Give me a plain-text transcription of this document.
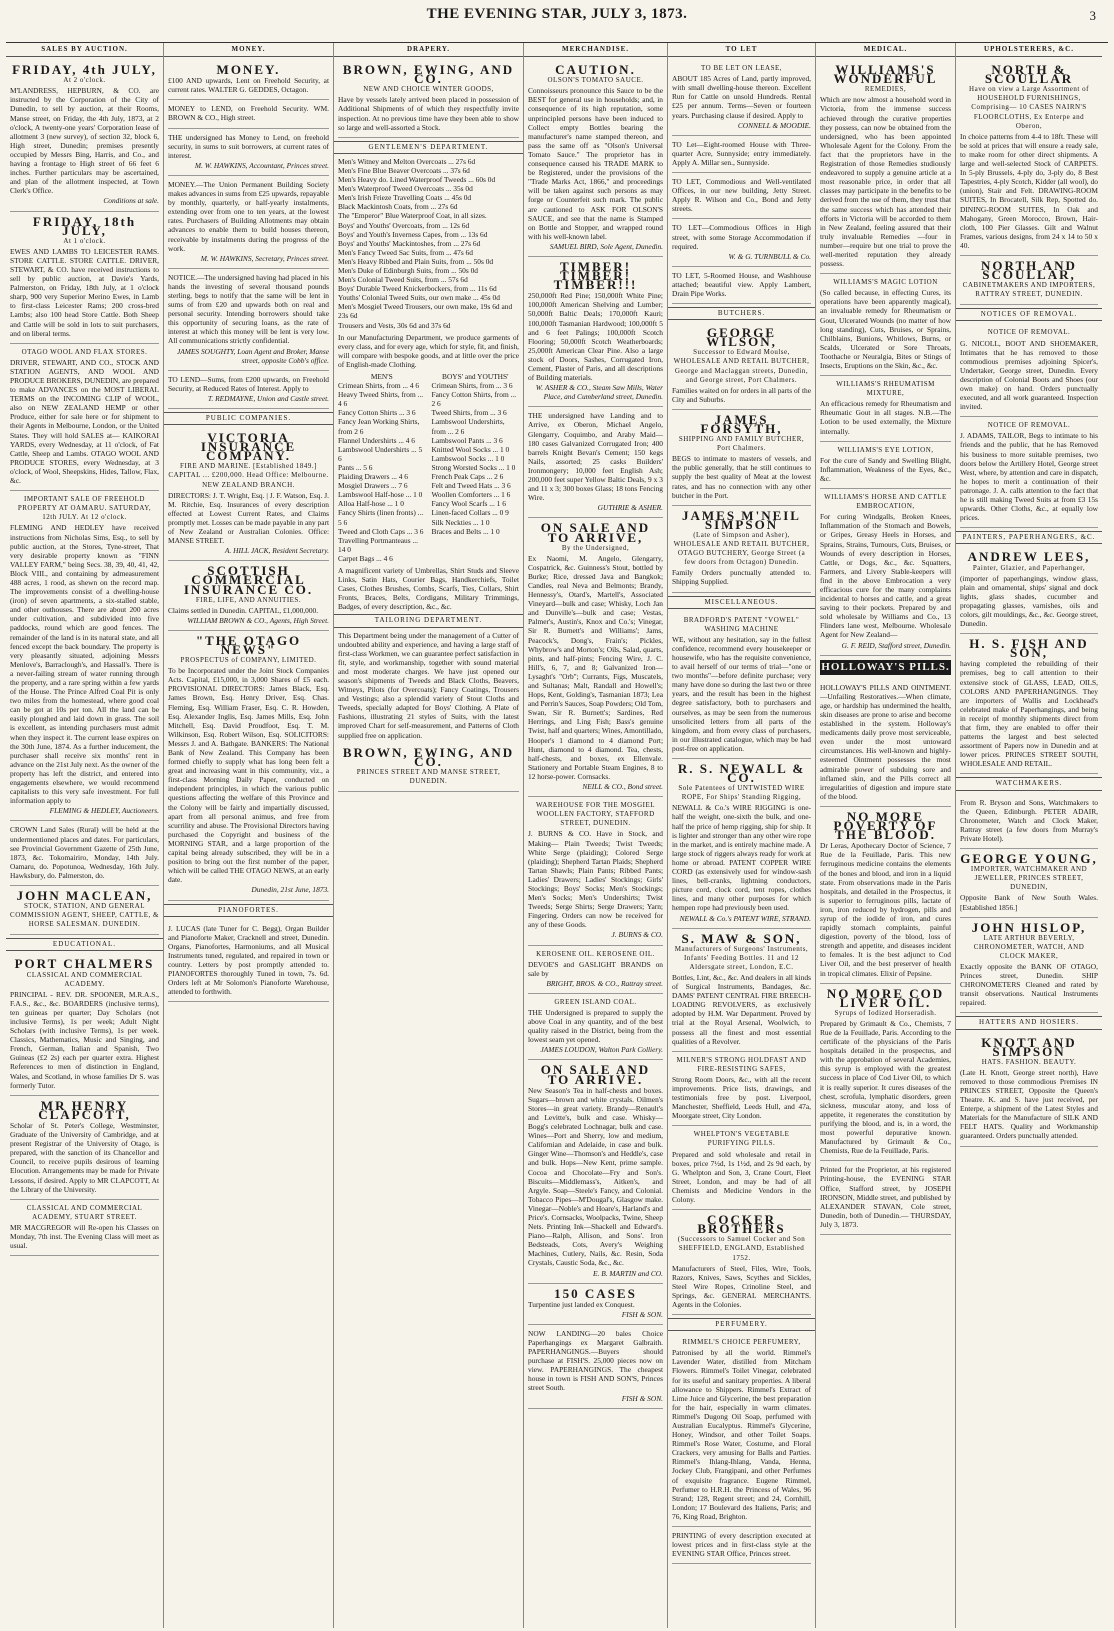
THE EVENING STAR, JULY 3, 1873.	3
SALES BY AUCTION.
FRIDAY, 4th JULY,
At 2 o'clock.

M'LANDRESS, HEPBURN, & CO. are instructed by the Corporation of the City of Dunedin, to sell by auction, at their Rooms, Manse street, on Friday, the 4th July, 1873, at 2 o'clock, A twenty-one years' Corporation lease of allotment 3 (new survey), of section 32, block 6, High street, Dunedin; premises presently occupied by Messrs Bing, Harris, and Co., and having a frontage to High street of 66 feet 6 inches. Further particulars may be ascertained, and plan of the allotment inspected, at Town Clerk's Office.

Conditions at sale.

FRIDAY, 18th JULY,
At 1 o'clock.

EWES AND LAMBS TO LEICESTER RAMS. STORE CATTLE. STORE CATTLE. DRIVER, STEWART, & CO. have received instructions to sell by public auction, at Davie's Yards, Palmerston, on Friday, 18th July, at 1 o'clock sharp, 900 very Superior Merino Ewes, in Lamb to first-class Leicester Rams; 200 cross-bred Lambs; also 100 head Store Cattle. Both Sheep and Cattle will be sold in lots to suit purchasers, and on liberal terms.

OTAGO WOOL AND FLAX STORES.

DRIVER, STEWART, AND CO., STOCK AND STATION AGENTS, AND WOOL AND PRODUCE BROKERS, DUNEDIN, are prepared to make ADVANCES on the MOST LIBERAL TERMS on the INCOMING CLIP of WOOL, also on NEW ZEALAND HEMP or other Produce, either for sale here or for shipment to their Agents in Melbourne, London, or the United States. They will hold SALES at— KAIKORAI YARDS, every Wednesday, at 11 o'clock, of Fat Cattle, Sheep and Lambs. OTAGO WOOL AND PRODUCE STORES, every Wednesday, at 3 o'clock, of Wool, Sheepskins, Hides, Tallow, Flax, &c.

IMPORTANT SALE OF FREEHOLD PROPERTY AT OAMARU. SATURDAY, 12th JULY. At 12 o'clock.

FLEMING AND HEDLEY have received instructions from Nicholas Sims, Esq., to sell by public auction, at the Stores, Tyne-street, That very desirable property known as "FINN VALLEY FARM," being Secs. 38, 39, 40, 41, 42, Block VIII., and containing by admeasurement 488 acres, 1 rood, as shewn on the record map. The improvements consist of a dwelling-house (iron) of seven apartments, a six-stalled stable, and other outhouses. There are about 200 acres under cultivation, and subdivided into five paddocks, round which are good fences. The remainder of the land is in its natural state, and all fenced except the back boundary. The property is very pleasantly situated, adjoining Messrs Menlove's, Barraclough's, and Hassall's. There is a never-failing stream of water running through the property, and a rare spring within a few yards of the House. The Prince Alfred Coal Pit is only two miles from the homestead, where good coal can be got at 10s per ton. All the land can be easily ploughed and laid down in grass. The soil is excellent, as intending purchasers must admit when they inspect it. The current lease expires on the 30th June, 1874. As a further inducement, the purchaser shall receive six months' rent in advance on the 21st July next. As the owner of the property has left the district, and entered into engagements elsewhere, we would recommend capitalists to this very safe investment. For full information apply to

FLEMING & HEDLEY, Auctioneers.

CROWN Land Sales (Rural) will be held at the undermentioned places and dates. For particulars, see Provincial Government Gazette of 25th June, 1873, &c. Tokomairiro, Monday, 14th July. Oamaru, do. Popotunoa, Wednesday, 16th July. Hawksbury, do. Palmerston, do.

JOHN MACLEAN,
STOCK, STATION, AND GENERAL COMMISSION AGENT, SHEEP, CATTLE, & HORSE SALESMAN. DUNEDIN.
EDUCATIONAL.
PORT CHALMERS
CLASSICAL AND COMMERCIAL ACADEMY.

PRINCIPAL - REV. DR. SPOONER, M.R.A.S., F.A.S., &c., &c. BOARDERS (inclusive terms), ten guineas per quarter; Day Scholars (not inclusive Terms), 1s per week; Adult Night Scholars (with inclusive Terms), 1s per week. Classics, Mathematics, Music and Singing, and French, German, Italian and Spanish, Two Guineas (£2 2s) each per quarter extra. Highest References to men of distinction in England, Wales, and Scotland, in whose families Dr S. was formerly Tutor.

MR HENRY CLAPCOTT,

Scholar of St. Peter's College, Westminster, Graduate of the University of Cambridge, and at present Registrar of the University of Otago, is prepared, with the sanction of its Chancellor and Council, to receive pupils desirous of learning Elocution. Arrangements may be made for Private Lessons, if desired. Apply to MR CLAPCOTT, At the Library of the University.

CLASSICAL AND COMMERCIAL ACADEMY, STUART STREET.

MR MACGREGOR will Re-open his Classes on Monday, 7th inst. The Evening Class will meet as usual.

MONEY.
MONEY.

£100 AND upwards, Lent on Freehold Security, at current rates. WALTER G. GEDDES, Octagon.

MONEY to LEND, on Freehold Security. WM. BROWN & CO., High street.

THE undersigned has Money to Lend, on freehold security, in sums to suit borrowers, at current rates of interest.

M. W. HAWKINS, Accountant, Princes street.

MONEY.—The Union Permanent Building Society makes advances in sums from £25 upwards, repayable by monthly, quarterly, or half-yearly instalments, extending over from one to ten years, at the lowest rates. Purchasers of Building Allotments may obtain advances to enable them to build houses thereon, receivable by instalments during the progress of the work.

M. W. HAWKINS, Secretary, Princes street.

NOTICE.—The undersigned having had placed in his hands the investing of several thousand pounds sterling, begs to notify that the same will be lent in sums of from £20 and upwards both on real and personal security. Intending borrowers should take this opportunity of securing loans, as the rate of interest at which this money will be lent is very low. All communications strictly confidential.

JAMES SOUGHTY, Loan Agent and Broker, Manse street, opposite Cobb's office.

TO LEND—Sums, from £200 upwards, on Freehold Security, at Reduced Rates of Interest. Apply to

T. REDMAYNE, Union and Castle street.

PUBLIC COMPANIES.
VICTORIA INSURANCE COMPANY.
FIRE AND MARINE. [Established 1849.] CAPITAL ... £200,000. Head Office: Melbourne. NEW ZEALAND BRANCH.

DIRECTORS: J. T. Wright, Esq. | J. F. Watson, Esq. J. M. Ritchie, Esq. Insurances of every description effected at Lowest Current Rates, and Claims promptly met. Losses can be made payable in any part of New Zealand or Australian Colonies. Office: MANSE STREET.

A. HILL JACK, Resident Secretary.

SCOTTISH COMMERCIAL INSURANCE CO.
FIRE, LIFE, AND ANNUITIES.

Claims settled in Dunedin. CAPITAL, £1,000,000.

WILLIAM BROWN & CO., Agents, High Street.

"THE OTAGO NEWS"
PROSPECTUS of COMPANY, LIMITED.

To be Incorporated under the Joint Stock Companies Acts. Capital, £15,000, in 3,000 Shares of £5 each. PROVISIONAL DIRECTORS: James Black, Esq. James Brown, Esq. Henry Driver, Esq. Chas. Fleming, Esq. William Fraser, Esq. C. R. Howden, Esq. Alexander Inglis, Esq. James Mills, Esq. John Mitchell, Esq. David Proudfoot, Esq. T. M. Wilkinson, Esq. Robert Wilson, Esq. SOLICITORS: Messrs J. and A. Bathgate. BANKERS: The National Bank of New Zealand. This Company has been formed chiefly to supply what has long been felt a great and increasing want in this community, viz., a first-class Morning Daily Paper, conducted on independent principles, in which the various public questions affecting the welfare of this Province and the Colony will be fairly and impartially discussed, apart from all personal animus, and free from scurrility and abuse. The Provisional Directors having purchased the Copyright and business of the MORNING STAR, and a large proportion of the capital being already subscribed, they will be in a position to bring out the first number of the paper, which will be called THE OTAGO NEWS, at an early date.

Dunedin, 21st June, 1873.

PIANOFORTES.

J. LUCAS (late Tuner for C. Begg), Organ Builder and Pianoforte Maker, Cracknell and street, Dunedin. Organs, Pianofortes, Harmoniums, and all Musical Instruments tuned, regulated, and repaired in town or country. Letters by post promptly attended to. PIANOFORTES thoroughly Tuned in town, 7s. 6d. Orders left at Mr Solomon's Pianoforte Warehouse, attended to forthwith.

DRAPERY.
BROWN, EWING, AND CO.
NEW AND CHOICE WINTER GOODS,

Have by vessels lately arrived been placed in possession of Additional Shipments of of which they respectfully invite inspection. At no previous time have they been able to show so large and well-assorted a Stock.

GENTLEMEN'S DEPARTMENT.
Men's Witney and Melton Overcoats ... 27s 6d
Men's Fine Blue Beaver Overcoats ... 37s 6d
Men's Heavy do. Lined Waterproof Tweeds ... 60s 0d
Men's Waterproof Tweed Overcoats ... 35s 0d
Men's Irish Frieze Travelling Coats ... 45s 0d
Black Mackintosh Coats, from ... 27s 6d
The "Emperor" Blue Waterproof Coat, in all sizes.
Boys' and Youths' Overcoats, from ... 12s 6d
Boys' and Youth's Inverness Capes, from ... 13s 6d
Boys' and Youths' Mackintoshes, from ... 27s 6d
Men's Fancy Tweed Sac Suits, from ... 47s 6d
Men's Heavy Ribbed and Plain Suits, from ... 50s 0d
Men's Duke of Edinburgh Suits, from ... 50s 0d
Men's Colonial Tweed Suits, from ... 57s 6d
Boys' Durable Tweed Knickerbockers, from ... 11s 6d
Youths' Colonial Tweed Suits, our own make ... 45s 0d
Men's Mosgiel Tweed Trousers, our own make, 19s 6d and 23s 6d
Trousers and Vests, 30s 6d and 37s 6d

In our Manufacturing Department, we produce garments of every class, and for every age, which for style, fit, and finish, will compare with bespoke goods, and at little over the price of English-made Clothing.

MEN'S
Crimean Shirts, from ... 4 6
Heavy Tweed Shirts, from ... 4 6
Fancy Cotton Shirts ... 3 6
Fancy Jean Working Shirts, from 2 6
Flannel Undershirts ... 4 6
Lambswool Undershirts ... 5 6
Pants ... 5 6
Plaiding Drawers ... 4 6
Mosgiel Drawers ... 7 6
Lambswool Half-hose ... 1 0
Alloa Half-hose ... 1 0
Fancy Shirts (linen fronts) ... 5 6
Tweed and Cloth Caps ... 3 6
Travelling Portmanteaus ... 14 0
Carpet Bags ... 4 6
BOYS' and YOUTHS'
Crimean Shirts, from ... 3 6
Fancy Cotton Shirts, from ... 2 6
Tweed Shirts, from ... 3 6
Lambswool Undershirts, from ... 2 6
Lambswool Pants ... 3 6
Knitted Wool Socks ... 1 0
Lambswool Socks ... 1 0
Strong Worsted Socks ... 1 0
French Peak Caps ... 2 6
Felt and Tweed Hats ... 3 6
Woollen Comforters ... 1 6
Fancy Wool Scarfs ... 1 6
Linen-faced Collars ... 0 9
Silk Neckties ... 1 0
Braces and Belts ... 1 0

A magnificent variety of Umbrellas, Shirt Studs and Sleeve Links, Satin Hats, Courier Bags, Handkerchiefs, Toilet Cases, Clothes Brushes, Combs, Scarfs, Ties, Collars, Shirt Fronts, Braces, Belts, Cordigans, Military Trimmings, Badges, of every description, &c., &c.

TAILORING DEPARTMENT.

This Department being under the management of a Cutter of undoubted ability and experience, and having a large staff of first-class Workmen, we can guarantee perfect satisfaction in fit, style, and workmanship, together with sound material and most moderate charges. We have just opened our season's shipments of Tweeds and Black Cloths, Beavers, Witneys, Pilots (for Overcoats); Fancy Coatings, Trousers and Vestings; also a splendid variety of Stout Cloths and Tweeds, specially adapted for Boys' Clothing. A Plate of Fashions, illustrating 21 styles of Suits, with the latest improved Chart for self-measurement, and Patterns of Cloth supplied free on application.

BROWN, EWING, AND CO.
PRINCES STREET AND MANSE STREET, DUNEDIN.
MERCHANDISE.
CAUTION.
OLSON'S TOMATO SAUCE.

Connoisseurs pronounce this Sauce to be the BEST for general use in households; and, in consequence of its high reputation, some unprincipled persons have been induced to Collect empty Bottles bearing the manufacturer's name stamped thereon, and pass the same off as "Olson's Universal Tomato Sauce." The proprietor has in consequence caused his TRADE MARK to be Registered, under the provisions of the "Trade Marks Act, 1866," and proceedings will be taken against such persons as may forge or Counterfeit such mark. The public are cautioned to ASK FOR OLSON'S SAUCE, and see that the name is Stamped on Bottle and Stopper, and wrapped round with his well-known label.

SAMUEL BIRD, Sole Agent, Dunedin.

TIMBER! TIMBER! TIMBER!!!

250,000ft Red Pine; 150,000ft White Pine; 100,000ft American Shelving and Lumber; 50,000ft Baltic Deals; 170,000ft Kauri; 100,000ft Tasmanian Hardwood; 100,000ft 5 and 6 feet Palings; 100,000ft Scotch Flooring; 50,000ft Scotch Weatherboards; 25,000ft American Clear Pine. Also a large stock of Doors, Sashes, Corrugated Iron, Cement, Plaster of Paris, and all descriptions of Building materials.

W. ASHER & CO., Steam Saw Mills, Water Place, and Cumberland street, Dunedin.

THE undersigned have Landing and to Arrive, ex Oberon, Michael Angelo, Glengarry, Coquimbo, and Araby Maid— 180 cases Galvanized Corrugated Iron; 400 barrels Knight Bevan's Cement; 150 kegs Nails, assorted; 25 casks Builders' Ironmongery; 10,000 feet English Ash; 200,000 feet super Yellow Baltic Deals, 9 x 3 and 11 x 3; 300 boxes Glass; 18 tons Fencing Wire.

GUTHRIE & ASHER.

ON SALE AND TO ARRIVE,
By the Undersigned,

Ex Naomi, M. Angelo, Glengarry, Cospatrick, &c. Guinness's Stout, bottled by Burke; Rice, dressed Java and Bangkok; Candles, real Neva and Belmonts; Brandy, Hennessy's, Otard's, Martell's, Associated Vineyard—bulk and case; Whisky, Loch Jan and Dunville's—bulk and case; Vestas, Palmer's, Austin's, Knox and Co.'s; Vinegar, Sir R. Burnett's and Williams'; Jams, Peacock's, Dong's, Frain's; Pickles, Whybrow's and Morton's; Oils, Salad, quarts, pints, and half-pints; Fencing Wire, J. C. Hill's, 6, 7, and 8; Galvanized Iron—Lysaght's "Orb"; Currants, Figs, Muscatels, and Sultanas; Malt, Randall and Howell's; Hops, Kent, Golding's, Tasmanian 1873; Lea and Perrin's Sauces, Soap Powders; Old Tom, Swan, Sir R. Burnett's; Sardines, Red Herrings, and Ling Fish; Bass's genuine Twist, half and quarters; Wines, Amontillado, Hooper's 1 diamond to 4 diamond Port; Hunt, diamond to 4 diamond. Tea, chests, half-chests, and boxes, ex Ellenvale. Stationery and Portable Steam Engines, 8 to 12 horse-power. Cornsacks.

NEILL & CO., Bond street.

WAREHOUSE FOR THE MOSGIEL WOOLLEN FACTORY, STAFFORD STREET, DUNEDIN.

J. BURNS & CO. Have in Stock, and Making— Plain Tweeds; Twist Tweeds; White Serge (plaiding); Colored Serge (plaiding); Shepherd Tartan Plaids; Shepherd Tartan Shawls; Plain Pants; Ribbed Pants; Ladies' Drawers; Ladies' Stockings; Girls' Stockings; Boys' Socks; Men's Stockings; Men's Socks; Men's Undershirts; Twist Tweeds; Serge Shirts; Serge Drawers; Yarn; Fingering. Orders can now be received for any of these Goods.

J. BURNS & CO.

KEROSENE OIL. KEROSENE OIL.

DEVOE'S and GASLIGHT BRANDS on sale by

BRIGHT, BROS. & CO., Rattray street.

GREEN ISLAND COAL.

THE Undersigned is prepared to supply the above Coal in any quantity, and of the best quality raised in the District, being from the lowest seam yet opened.

JAMES LOUDON, Walton Park Colliery.

ON SALE AND TO ARRIVE.

New Season's Tea in half-chests and boxes. Sugars—brown and white crystals. Oilmen's Stores—in great variety. Brandy—Renault's and Levitte's, bulk and case. Whisky—Bogg's celebrated Lochnagar, bulk and case. Wines—Port and Sherry, low and medium, Californian and Adelaide, in case and bulk. Ginger Wine—Thomson's and Heddle's, case and bulk. Hops—New Kent, prime sample. Cocoa and Chocolate—Fry and Son's. Biscuits—Middlemass's, Aitken's, and Argyle. Soap—Steele's Fancy, and Colonial. Tobacco Pipes—M'Dougal's, Glasgow make. Vinegar—Noble's and Hoare's, Harland's and Price's. Cornsacks, Woolpacks, Twine, Sheep Nets. Printing Ink—Shackell and Edward's. Piano—Ralph, Allison, and Sons'. Iron Bedsteads, Cots, Avery's Weighing Machines, Cutlery, Nails, &c. Resin, Soda Crystals, Caustic Soda, &c., &c.

E. B. MARTIN and CO.

150 CASES

Turpentine just landed ex Conquest.

FISH & SON.

NOW LANDING—20 bales Choice Paperhangings ex Margaret Galbraith. PAPERHANGINGS.—Buyers should purchase at FISH'S. 25,000 pieces now on view. PAPERHANGINGS. The cheapest house in town is FISH AND SON'S, Princes street South.

FISH & SON.

TO LET
TO BE LET ON LEASE,

ABOUT 185 Acres of Land, partly improved, with small dwelling-house thereon. Excellent Run for Cattle on unsold Hundreds. Rental £25 per annum. Terms—Seven or fourteen years. Purchasing clause if desired. Apply to

CONNELL & MOODIE.

TO Let—Eight-roomed House with Three-quarter Acre, Sunnyside; entry immediately. Apply A. Millar sen., Sunnyside.

TO LET, Commodious and Well-ventilated Offices, in our new building, Jetty Street. Apply R. Wilson and Co., Bond and Jetty streets.

TO LET—Commodious Offices in High street, with some Storage Accommodation if required.

W. & G. TURNBULL & Co.

TO LET, 5-Roomed House, and Washhouse attached; beautiful view. Apply Lambert, Drain Pipe Works.

BUTCHERS.
GEORGE WILSON,
Successor to Edward Moulse, WHOLESALE AND RETAIL BUTCHER, George and Maclaggan streets, Dunedin, and George street, Port Chalmers.

Families waited on for orders in all parts of the City and Suburbs.

JAMES FORSYTH,
SHIPPING AND FAMILY BUTCHER, Port Chalmers.

BEGS to intimate to masters of vessels, and the public generally, that he still continues to supply the best quality of Meat at the lowest rates, and has no connection with any other butcher in the Port.

JAMES M'NEIL SIMPSON
(Late of Simpson and Asher), WHOLESALE AND RETAIL BUTCHER, OTAGO BUTCHERY, George Street (a few doors from Octagon) Dunedin.

Family Orders punctually attended to. Shipping Supplied.

MISCELLANEOUS.
BRADFORD'S PATENT "VOWEL" WASHING MACHINE

WE, without any hesitation, say in the fullest confidence, recommend every housekeeper or housewife, who has the requisite convenience, to avail herself of our terms of trial—"one or two months"—before definite purchase; very many have done so during the last two or three years, and the result has been in the highest degree satisfactory, both to purchasers and ourselves, as may be seen from the numerous unsolicited letters from all parts of the kingdom, and from every class of purchasers, in our illustrated catalogue, which may be had post-free on application.

R. S. NEWALL & CO.
Sole Patentees of UNTWISTED WIRE ROPE, For Ships' Standing Rigging,

NEWALL & Co.'s WIRE RIGGING is one-half the weight, one-sixth the bulk, and one-half the price of hemp rigging, ship for ship. It is lighter and stronger than any other wire rope in the market, and is entirely machine made. A large stock of riggers always ready for work at home or abroad. PATENT COPPER WIRE CORD (as extensively used for window-sash lines, bell-cranks, lightning conductors, picture cord, clock cord, tent ropes, clothes lines, and many other purposes for which hempen rope had previously been used.

NEWALL & Co.'s PATENT WIRE, STRAND.

S. MAW & SON,
Manufacturers of Surgeons' Instruments, Infants' Feeding Bottles. 11 and 12 Aldersgate street, London, E.C.

Bottles, Lint, &c., &c. And dealers in all kinds of Surgical Instruments, Bandages, &c. DAMS' PATENT CENTRAL FIRE BREECH-LOADING REVOLVERS, as exclusively adopted by H.M. War Department. Proved by trial at the Royal Arsenal, Woolwich, to possess all the finest and most essential qualities of a Revolver.

MILNER'S STRONG HOLDFAST AND FIRE-RESISTING SAFES,

Strong Room Doors, &c., with all the recent improvements. Price lists, drawings, and testimonials free by post. Liverpool, Manchester, Sheffield, Leeds Hull, and 47a, Moorgate street, City London.

WHELPTON'S VEGETABLE PURIFYING PILLS.

Prepared and sold wholesale and retail in boxes, price 7½d, 1s 1½d, and 2s 9d each, by G. Whelpton and Son, 3, Crane Court, Fleet Street, London, and may be had of all Chemists and Medicine Vendors in the Colony.

COCKER BROTHERS
(Successors to Samuel Cocker and Son SHEFFIELD, ENGLAND, Established 1752.

Manufacturers of Steel, Files, Wire, Tools, Razors, Knives, Saws, Scythes and Sickles, Steel Wire Ropes, Crinoline Steel, and Springs, &c. GENERAL MERCHANTS. Agents in the Colonies.

PERFUMERY.
RIMMEL'S CHOICE PERFUMERY,

Patronised by all the world. Rimmel's Lavender Water, distilled from Mitcham Flowers. Rimmel's Toilet Vinegar, celebrated for its useful and sanitary properties. A liberal allowance to Shippers. Rimmel's Extract of Lime Juice and Glycerine, the best preparation for the hair, especially in warm climates. Rimmel's Dugong Oil Soap, perfumed with Australian Eucalyptus. Rimmel's Glycerine, Honey, Windsor, and other Toilet Soaps. Rimmel's Rose Water, Costume, and Floral Crackers, very amusing for Balls and Parties. Rimmel's Ihlang-Ihlang, Vanda, Henna, Jockey Club, Frangipani, and other Perfumes of exquisite fragrance. Eugene Rimmel, Perfumer to H.R.H. the Princess of Wales, 96 Strand; 128, Regent street; and 24, Cornhill, London; 17 Boulevard des Italiens, Paris; and 76, King Road, Brighton.

PRINTING of every description executed at lowest prices and in first-class style at the EVENING STAR Office, Princes street.

MEDICAL.
WILLIAMS'S WONDERFUL
REMEDIES,

Which are now almost a household word in Victoria, from the immense success achieved through the curative properties they possess, can now be obtained from the undersigned, who has been appointed Wholesale Agent for the Colony. From the fact that the proprietors have in the Registration of those Remedies studiously endeavored to supply a genuine article at a most reasonable price, in order that all classes may participate in the benefits to be derived from the use of them, they trust that the same success which has attended their efforts in Victoria will be accorded to them in New Zealand, feeling assured that their truly invaluable Remedies —four in number—require but one trial to prove the well-merited reputation they already possess.

WILLIAMS'S MAGIC LOTION

(So called because, in effecting Cures, its operations have been apparently magical), an invaluable remedy for Rheumatism or Gout, Ulcerated Wounds (no matter of how long standing), Cuts, Bruises, or Sprains, Chilblains, Bunions, Whitlows, Burns, or Scalds, Ulcerated or Sore Throats, Toothache or Neuralgia, Bites or Stings of Insects, Eruptions on the Skin, &c., &c.

WILLIAMS'S RHEUMATISM MIXTURE,

An efficacious remedy for Rheumatism and Rheumatic Gout in all stages. N.B.—The Lotion to be used externally, the Mixture internally.

WILLIAMS'S EYE LOTION,

For the cure of Sandy and Swelling Blight, Inflammation, Weakness of the Eyes, &c., &c.

WILLIAMS'S HORSE AND CATTLE EMBROCATION,

For curing Windgalls, Broken Knees, Inflammation of the Stomach and Bowels, or Gripes, Greasy Heels in Horses, and Sprains, Strains, Tumours, Cuts, Bruises, or Wounds of every description in Horses, Cattle, or Dogs, &c., &c. Squatters, Farmers, and Livery Stable-keepers will find in the above Embrocation a very efficacious cure for the many complaints incidental to horses and cattle, and a great saving to their pockets. Prepared by and sold wholesale by Williams and Co., 13 Flinders lane west, Melbourne. Wholesale Agent for New Zealand—

G. F. REID, Stafford street, Dunedin.

HOLLOWAY'S PILLS.

HOLLOWAY'S PILLS AND OINTMENT.—Unfailing Restoratives.—When climate, age, or hardship has undermined the health, skin diseases are prone to arise and become established in the system. Holloway's medicaments daily prove most serviceable, even under the most untoward circumstances. His well-known and highly-esteemed Ointment possesses the most admirable power of subduing sore and inflamed skin, and the Pills correct all irregularities of digestion and impure state of the blood.

NO MORE POVERTY OF THE BLOOD.

Dr Leras, Apothecary Doctor of Science, 7 Rue de la Feuillade, Paris. This new ferruginous medicine contains the elements of the bones and blood, and iron in a liquid state. From observations made in the Paris hospitals, and detailed in the Prospectus, it is superior to ferruginous pills, lactate of iron, iron reduced by hydrogen, pills and syrup of the iodide of iron, and cures rapidly stomach complaints, painful digestion, poverty of the blood, loss of strength and appetite, and diseases incident to females. It is the best adjunct to Cod Liver Oil, and the best preserver of health in tropical climates. Elixir of Pepsine.

NO MORE COD LIVER OIL.
Syrups of Iodized Horseradish.

Prepared by Grimault & Co., Chemists, 7 Rue de la Feuillade, Paris. According to the certificate of the physicians of the Paris hospitals detailed in the prospectus, and with the approbation of several Academies, this syrup is employed with the greatest success in place of Cod Liver Oil, to which it is really superior. It cures diseases of the chest, scrofula, lymphatic disorders, green sickness, muscular atony, and loss of appetite, it regenerates the constitution by purifying the blood, and is, in a word, the most powerful depurative known. Manufactured by Grimault & Co., Chemists, Rue de la Feuillade, Paris.

Printed for the Proprietor, at his registered Printing-house, the EVENING STAR Office, Stafford street, by JOSEPH IRONSON, Middle street, and published by ALEXANDER STAVAN, Cole street, Dunedin, both of Dunedin.— THURSDAY, July 3, 1873.

UPHOLSTERERS, &C.
NORTH & SCOULLAR
Have on view a Large Assortment of HOUSEHOLD FURNISHINGS, Comprising— 10 CASES NAIRN'S FLOORCLOTHS, Ex Enterpe and Oberon,

In choice patterns from 4-4 to 18ft. These will be sold at prices that will ensure a ready sale, to make room for other direct shipments. A large and well-selected Stock of CARPETS. In 5-ply Brussels, 4-ply do, 3-ply do, 8 Best Tapestries, 4-ply Scotch, Kidder (all wool), do (union), Stair and Felt. DRAWING-ROOM SUITES, In Brocatell, Silk Rep, Spotted do. DINING-ROOM SUITES, In Oak and Mahogany, Green Morocco, Brown, Hair-cloth, 100 Pier Glasses. Gilt and Walnut Frames, various designs, from 24 x 14 to 50 x 40.

NORTH AND SCOULLAR,
CABINETMAKERS AND IMPORTERS, RATTRAY STREET, DUNEDIN.
NOTICES OF REMOVAL.
NOTICE OF REMOVAL.

G. NICOLL, BOOT AND SHOEMAKER, Intimates that he has removed to those commodious premises adjoining Spicer's, Undertaker, George street, Dunedin. Every description of Colonial Boots and Shoes (our own make) on hand. Orders punctually executed, and all work guaranteed. Inspection invited.

NOTICE OF REMOVAL.

J. ADAMS, TAILOR, Begs to intimate to his friends and the public, that he has Removed his business to more suitable premises, two doors below the Artillery Hotel, George street West, where, by attention and care in dispatch, he hopes to merit a continuation of their patronage. J. A. calls attention to the fact that he is still making Tweed Suits at from £3 15s upwards. Other Cloths, &c., at equally low prices.

PAINTERS, PAPERHANGERS, &C.
ANDREW LEES,
Painter, Glazier, and Paperhanger,

(importer of paperhangings, window glass, plain and ornamental, ships' signal and dock lights, glass shades, cucumber and propagating glasses, varnishes, oils and colors, gilt mouldings, &c., &c. George street, Dunedin.

H. S. FISH AND SON,

having completed the rebuilding of their premises, beg to call attention to their extensive stock of GLASS, LEAD, OILS, COLORS AND PAPERHANGINGS. They are importers of Wallis and Lockhead's celebrated make of Paperhangings, and being in receipt of monthly shipments direct from that firm, they are enabled to offer their patterns the largest and best selected assortment of Papers now in Dunedin and at lower prices. PRINCES STREET SOUTH, WHOLESALE AND RETAIL.

WATCHMAKERS.

From R. Bryson and Sons, Watchmakers to the Queen, Edinburgh. PETER ADAIR, Chronometer, Watch and Clock Maker, Rattray street (a few doors from Murray's Private Hotel).

GEORGE YOUNG,
IMPORTER, WATCHMAKER AND JEWELLER, PRINCES STREET, DUNEDIN,

Opposite Bank of New South Wales. [Established 1856.]

JOHN HISLOP,
LATE ARTHUR BEVERLY, CHRONOMETER, WATCH, AND CLOCK MAKER,

Exactly opposite the BANK OF OTAGO, Princes street, Dunedin. SHIP CHRONOMETERS Cleaned and rated by transit observations. Nautical Instruments repaired.

HATTERS AND HOSIERS.
KNOTT AND SIMPSON
HATS. FASHION. BEAUTY.

(Late H. Knott, George street north), Have removed to those commodious Premises IN PRINCES STREET, Opposite the Queen's Theatre. K. and S. have just received, per Enterpe, a shipment of the Latest Styles and Materials for the Manufacture of SILK AND FELT HATS. Quality and Workmanship guaranteed. Orders punctually attended.
